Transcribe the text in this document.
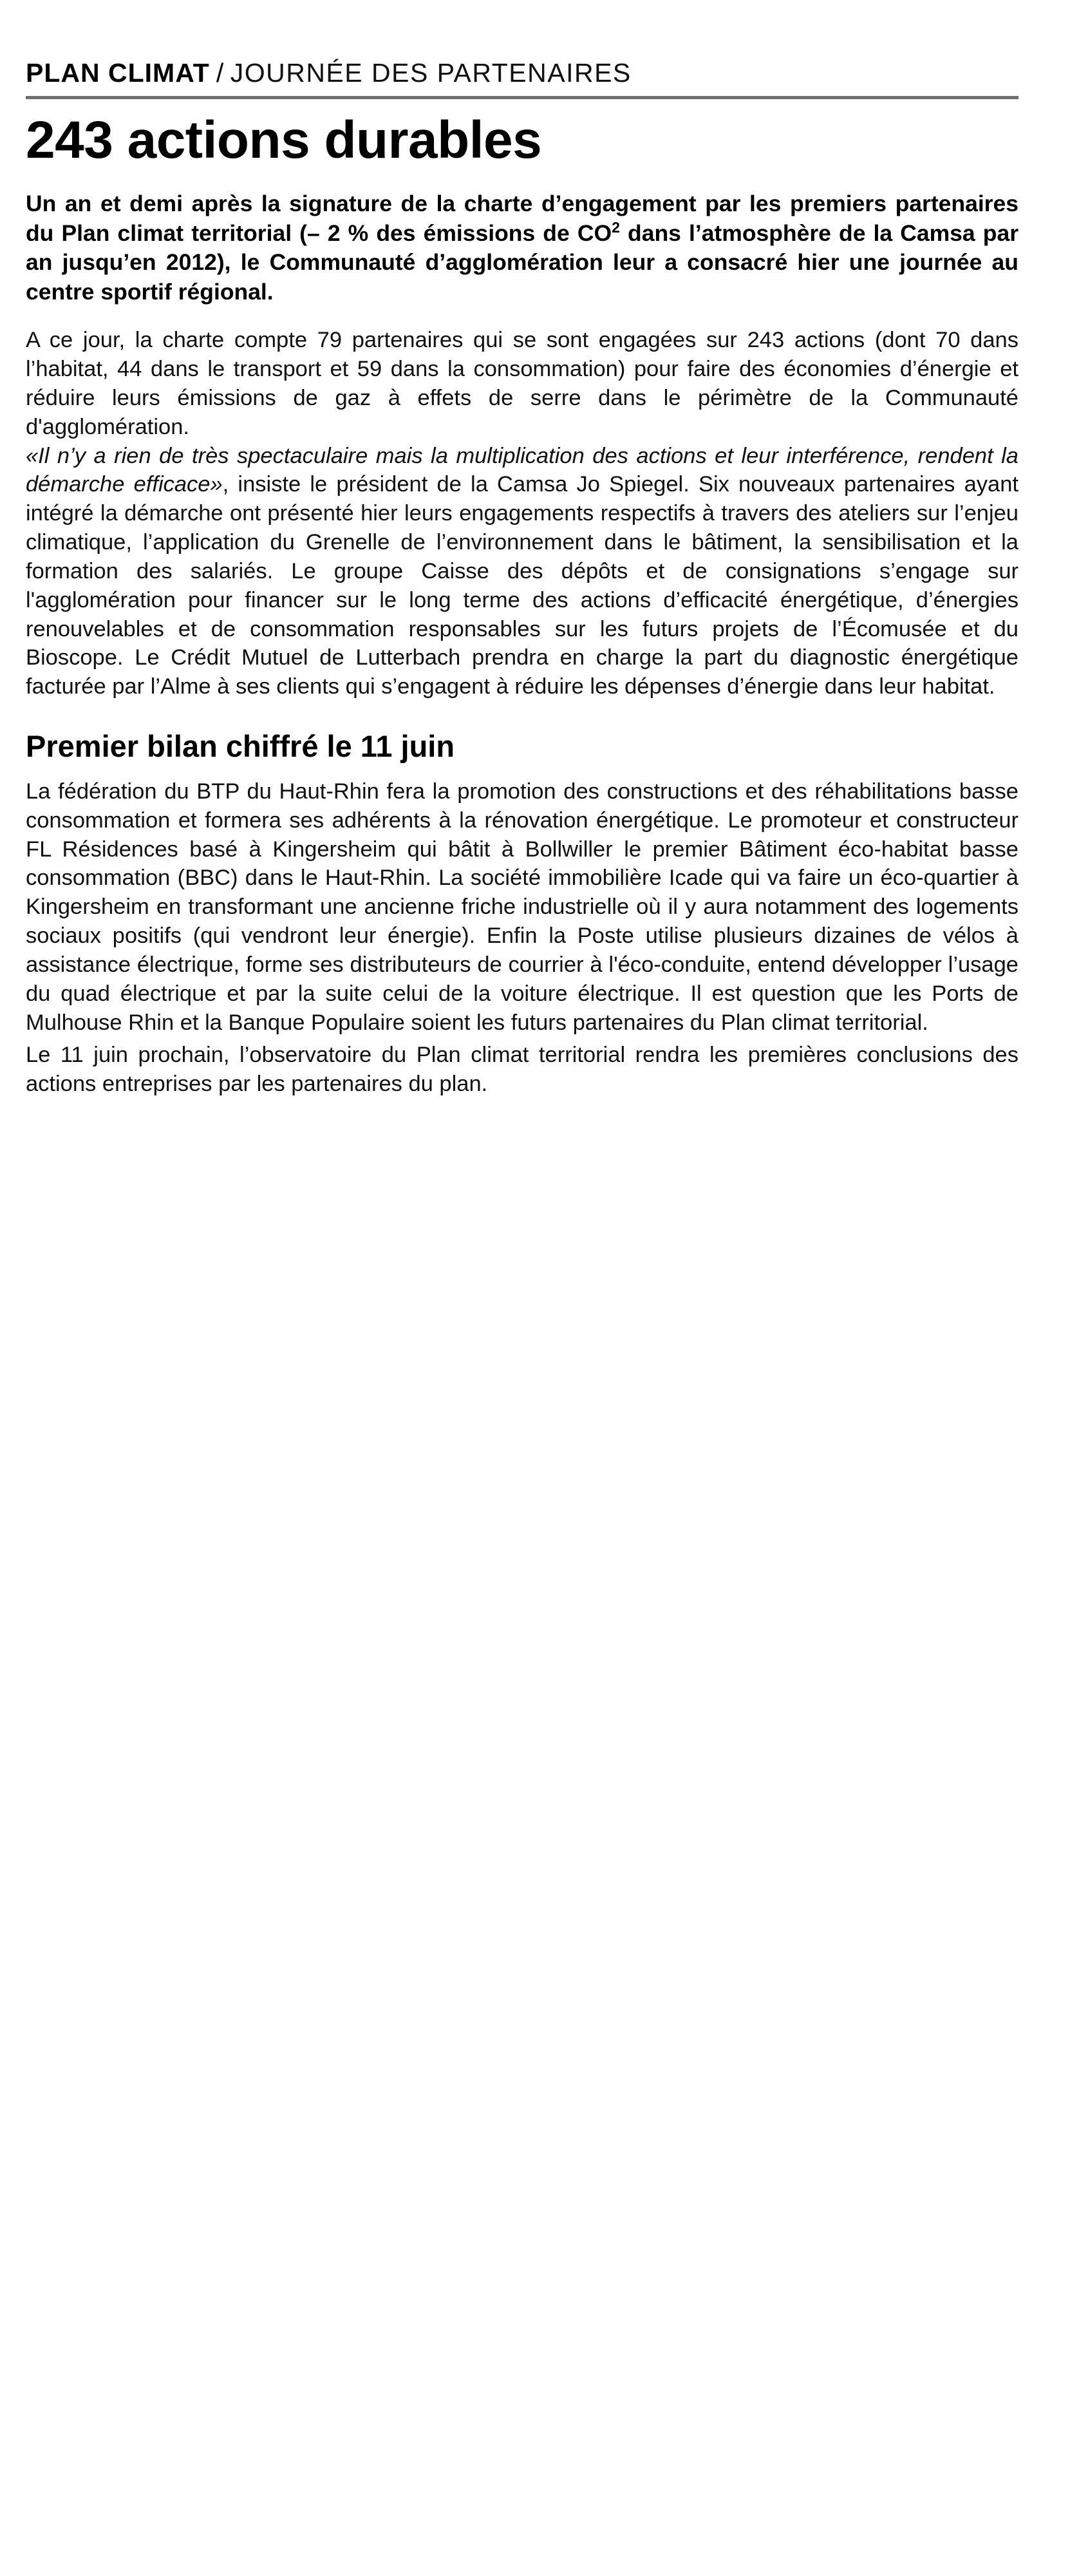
PLAN CLIMAT / JOURNÉE DES PARTENAIRES
243 actions durables

Un an et demi après la signature de la charte d’engagement par les premiers partenaires du Plan climat territorial (– 2 % des émissions de $CO^2$ dans l’atmosphère de la Camsa par an jusqu’en 2012), le Communauté d’agglomération leur a consacré hier une journée au centre sportif régional.

A ce jour, la charte compte 79 partenaires qui se sont engagées sur 243 actions (dont 70 dans l’habitat, 44 dans le transport et 59 dans la consommation) pour faire des économies d’énergie et réduire leurs émissions de gaz à effets de serre dans le périmètre de la Communauté d'agglomération.

«Il n’y a rien de très spectaculaire mais la multiplication des actions et leur interférence, rendent la démarche efficace», insiste le président de la Camsa Jo Spiegel. Six nouveaux partenaires ayant intégré la démarche ont présenté hier leurs engagements respectifs à travers des ateliers sur l’enjeu climatique, l’application du Grenelle de l’environnement dans le bâtiment, la sensibilisation et la formation des salariés. Le groupe Caisse des dépôts et de consignations s’engage sur l'agglomération pour financer sur le long terme des actions d’efficacité énergétique, d’énergies renouvelables et de consommation responsables sur les futurs projets de l’Écomusée et du Bioscope. Le Crédit Mutuel de Lutterbach prendra en charge la part du diagnostic énergétique facturée par l’Alme à ses clients qui s’engagent à réduire les dépenses d’énergie dans leur habitat.

Premier bilan chiffré le 11 juin

La fédération du BTP du Haut-Rhin fera la promotion des constructions et des réhabilitations basse consommation et formera ses adhérents à la rénovation énergétique. Le promoteur et constructeur FL Résidences basé à Kingersheim qui bâtit à Bollwiller le premier Bâtiment éco-habitat basse consommation (BBC) dans le Haut-Rhin. La société immobilière Icade qui va faire un éco-quartier à Kingersheim en transformant une ancienne friche industrielle où il y aura notamment des logements sociaux positifs (qui vendront leur énergie). Enfin la Poste utilise plusieurs dizaines de vélos à assistance électrique, forme ses distributeurs de courrier à l'éco-conduite, entend développer l’usage du quad électrique et par la suite celui de la voiture électrique. Il est question que les Ports de Mulhouse Rhin et la Banque Populaire soient les futurs partenaires du Plan climat territorial.

Le 11 juin prochain, l’observatoire du Plan climat territorial rendra les premières conclusions des actions entreprises par les partenaires du plan.
